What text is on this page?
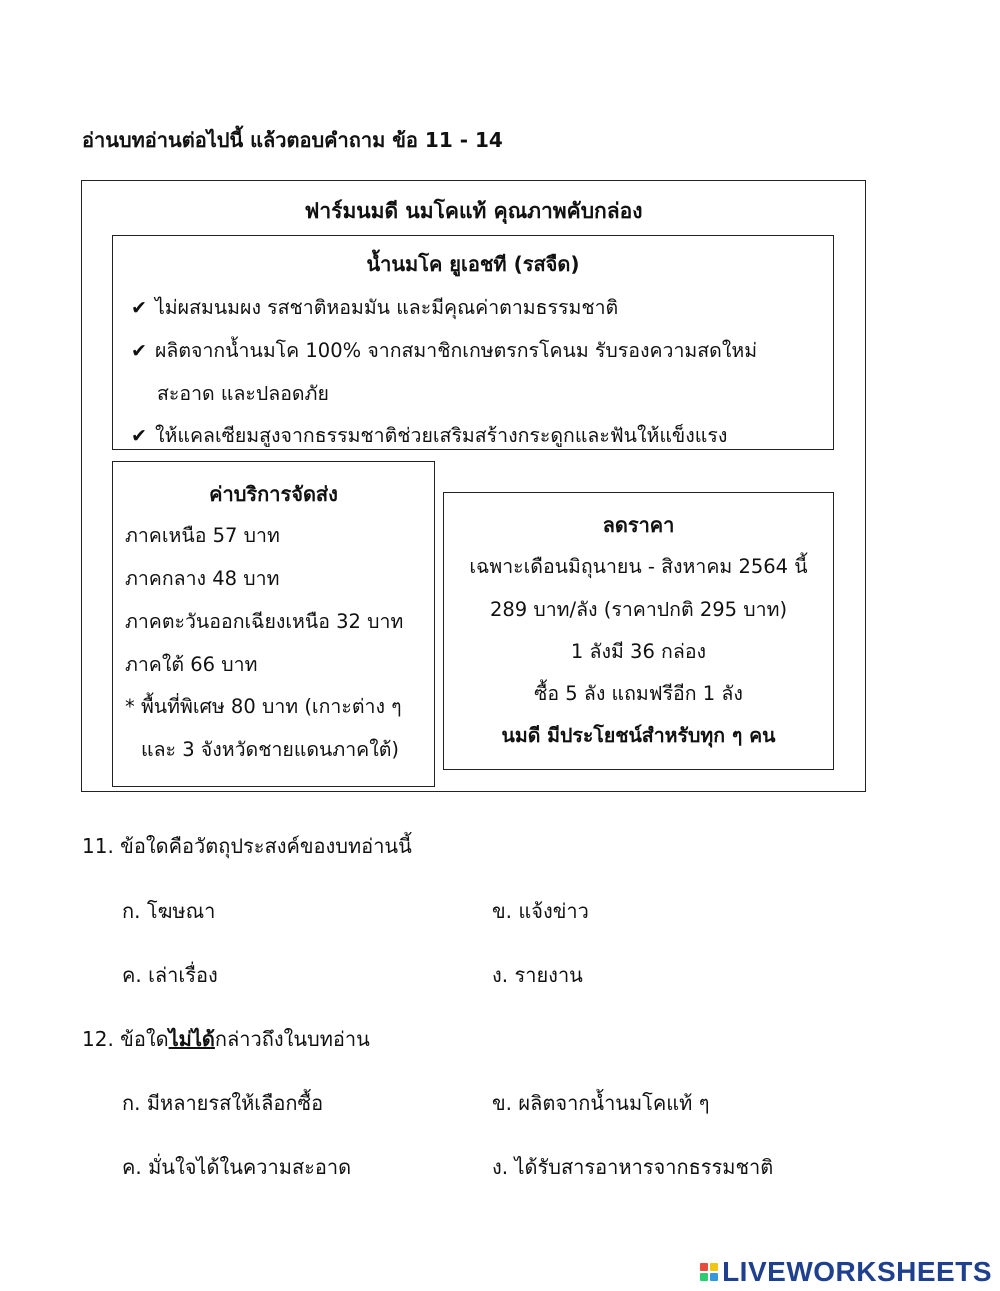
อ่านบทอ่านต่อไปนี้ แล้วตอบคำถาม ข้อ 11 - 14
ฟาร์มนมดี นมโคแท้ คุณภาพคับกล่อง
น้ำนมโค ยูเอชที (รสจืด)
✔ ไม่ผสมนมผง รสชาติหอมมัน และมีคุณค่าตามธรรมชาติ
✔ ผลิตจากน้ำนมโค 100% จากสมาชิกเกษตรกรโคนม รับรองความสดใหม่
สะอาด และปลอดภัย
✔ ให้แคลเซียมสูงจากธรรมชาติช่วยเสริมสร้างกระดูกและฟันให้แข็งแรง
ค่าบริการจัดส่ง
ภาคเหนือ 57 บาท
ภาคกลาง 48 บาท
ภาคตะวันออกเฉียงเหนือ 32 บาท
ภาคใต้ 66 บาท
* พื้นที่พิเศษ 80 บาท (เกาะต่าง ๆ
และ 3 จังหวัดชายแดนภาคใต้)
ลดราคา
เฉพาะเดือนมิถุนายน - สิงหาคม 2564 นี้
289 บาท/ลัง (ราคาปกติ 295 บาท)
1 ลังมี 36 กล่อง
ซื้อ 5 ลัง แถมฟรีอีก 1 ลัง
นมดี มีประโยชน์สำหรับทุก ๆ คน
11. ข้อใดคือวัตถุประสงค์ของบทอ่านนี้
ก. โฆษณา	ข. แจ้งข่าว
ค. เล่าเรื่อง	ง. รายงาน
12. ข้อใดไม่ได้กล่าวถึงในบทอ่าน
ก. มีหลายรสให้เลือกซื้อ	ข. ผลิตจากน้ำนมโคแท้ ๆ
ค. มั่นใจได้ในความสะอาด	ง. ได้รับสารอาหารจากธรรมชาติ
LIVEWORKSHEETS
